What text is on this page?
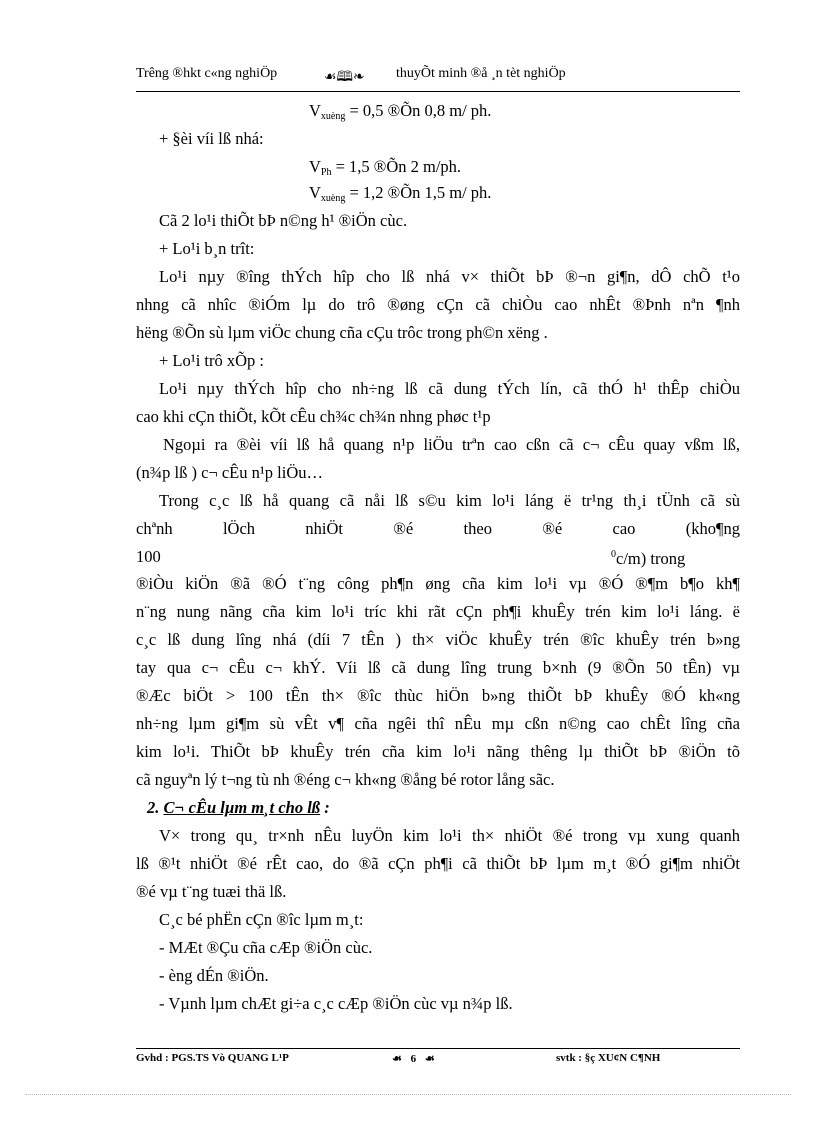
Trêng ®hkt c«ng nghiÖp	☙🕮❧ thuyÕt minh ®å ¸n tèt nghiÖp
$V_{xuèng} = 0,5$ ®Õn 0,8 m/ ph.
+ §èi víi lß nhá:
$V_{Ph} = 1,5$ ®Õn 2 m/ph.
$V_{xuèng} = 1,2$ ®Õn 1,5 m/ ph.
Cã 2 lo¹i thiÕt bÞ n©ng h¹ ®iÖn cùc.
+ Lo¹i b¸n trît:
Lo¹i nµy ®îng thÝch hîp cho lß nhá v× thiÕt bÞ ®¬n gi¶n, dÔ chÕ t¹o
nhng cã nhîc ®iÓm lµ do trô ®øng cÇn cã chiÒu cao nhÊt ®Þnh nªn ¶nh
hëng ®Õn sù lµm viÖc chung cña cÇu trôc trong ph©n xëng .
+ Lo¹i trô xÕp :
Lo¹i nµy thÝch hîp cho nh÷ng lß cã dung tÝch lín, cã thÓ h¹ thÊp chiÒu
cao khi cÇn thiÕt, kÕt cÊu ch¾c ch¾n nhng phøc t¹p
Ngoµi ra ®èi víi lß hå quang n¹p liÖu trªn cao cßn cã c¬ cÊu quay vßm lß,
(n¾p lß ) c¬ cÊu n¹p liÖu…
Trong c¸c lß hå quang cã nåi lß s©u kim lo¹i láng ë tr¹ng th¸i tÜnh cã sù
chªnh lÖch nhiÖt ®é theo ®é cao (kho¶ng
100	$^0$c/m) trong
®iÒu kiÖn ®ã ®Ó t¨ng công ph¶n øng cña kim lo¹i vµ ®Ó ®¶m b¶o kh¶
n¨ng nung nãng cña kim lo¹i tríc khi rãt cÇn ph¶i khuÊy trén kim lo¹i láng. ë
c¸c lß dung lîng nhá (díi 7 tÊn ) th× viÖc khuÊy trén ®îc khuÊy trén b»ng
tay qua c¬ cÊu c¬ khÝ. Víi lß cã dung lîng trung b×nh (9 ®Õn 50 tÊn) vµ
®Æc biÖt > 100 tÊn th× ®îc thùc hiÖn b»ng thiÕt bÞ khuÊy ®Ó kh«ng
nh÷ng lµm gi¶m sù vÊt v¶ cña ngêi thî nÊu mµ cßn n©ng cao chÊt lîng cña
kim lo¹i. ThiÕt bÞ khuÊy trén cña kim lo¹i nãng thêng lµ thiÕt bÞ ®iÖn tõ
cã nguyªn lý t¬ng tù nh ®éng c¬ kh«ng ®ång bé rotor lång sãc.
2. C¬ cÊu lµm m¸t cho lß :
V× trong qu¸ tr×nh nÊu luyÖn kim lo¹i th× nhiÖt ®é trong vµ xung quanh
lß ®¹t nhiÖt ®é rÊt cao, do ®ã cÇn ph¶i cã thiÕt bÞ lµm m¸t ®Ó gi¶m nhiÖt
®é vµ t¨ng tuæi thä lß.
C¸c bé phËn cÇn ®îc lµm m¸t:
- MÆt ®Çu cña cÆp ®iÖn cùc.
- èng dÉn ®iÖn.
- Vµnh lµm chÆt gi÷a c¸c cÆp ®iÖn cùc vµ n¾p lß.
Gvhd : PGS.TS Vò QUANG L¹P	☙ 6 ☙	svtk : §ç XU¢N C¶NH
